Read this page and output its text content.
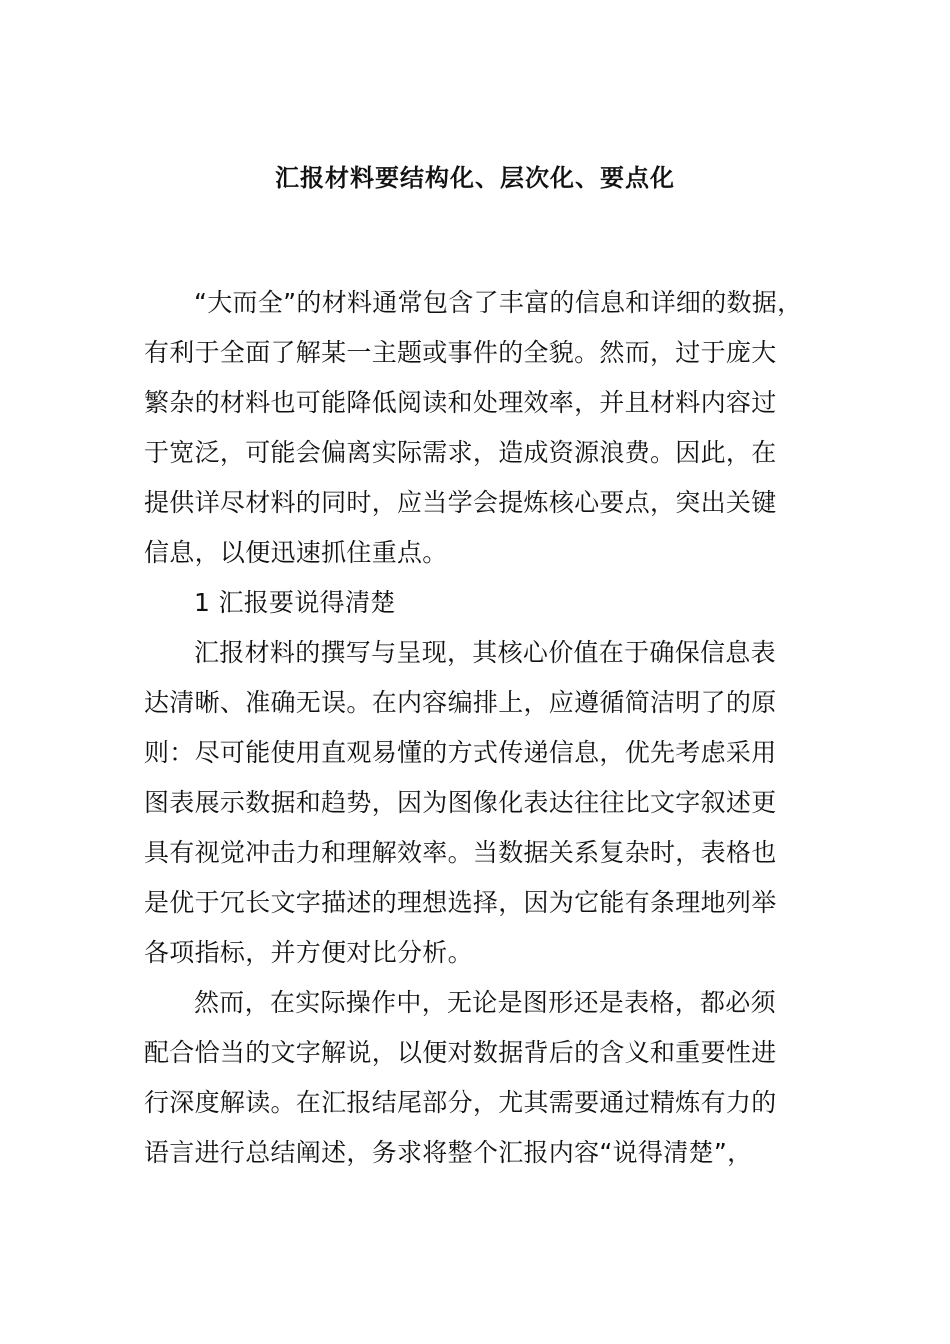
汇报材料要结构化、层次化、要点化
“大而全”的材料通常包含了丰富的信息和详细的数据，
有利于全面了解某一主题或事件的全貌。然而，过于庞大
繁杂的材料也可能降低阅读和处理效率，并且材料内容过
于宽泛，可能会偏离实际需求，造成资源浪费。因此，在
提供详尽材料的同时，应当学会提炼核心要点，突出关键
信息，以便迅速抓住重点。
1 汇报要说得清楚
汇报材料的撰写与呈现，其核心价值在于确保信息表
达清晰、准确无误。在内容编排上，应遵循简洁明了的原
则：尽可能使用直观易懂的方式传递信息，优先考虑采用
图表展示数据和趋势，因为图像化表达往往比文字叙述更
具有视觉冲击力和理解效率。当数据关系复杂时，表格也
是优于冗长文字描述的理想选择，因为它能有条理地列举
各项指标，并方便对比分析。
然而，在实际操作中，无论是图形还是表格，都必须
配合恰当的文字解说，以便对数据背后的含义和重要性进
行深度解读。在汇报结尾部分，尤其需要通过精炼有力的
语言进行总结阐述，务求将整个汇报内容“说得清楚”，
